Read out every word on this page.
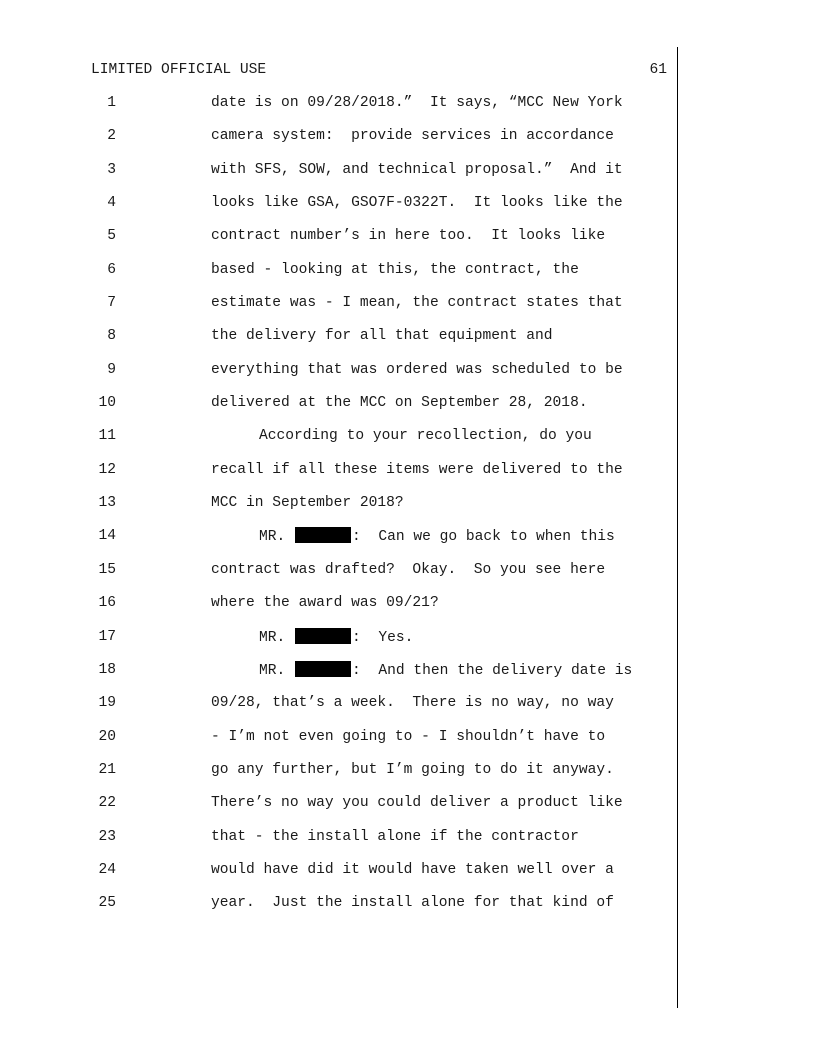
LIMITED OFFICIAL USE	61
1	date is on 09/28/2018.”  It says, “MCC New York
2	camera system:  provide services in accordance
3	with SFS, SOW, and technical proposal.”  And it
4	looks like GSA, GSO7F-0322T.  It looks like the
5	contract number’s in here too.  It looks like
6	based - looking at this, the contract, the
7	estimate was - I mean, the contract states that
8	the delivery for all that equipment and
9	everything that was ordered was scheduled to be
10	delivered at the MCC on September 28, 2018.
11	According to your recollection, do you
12	recall if all these items were delivered to the
13	MCC in September 2018?
14	MR.	:  Can we go back to when this
15	contract was drafted?  Okay.  So you see here
16	where the award was 09/21?
17	MR.	:  Yes.
18	MR.	:  And then the delivery date is
19	09/28, that’s a week.  There is no way, no way
20	- I’m not even going to - I shouldn’t have to
21	go any further, but I’m going to do it anyway.
22	There’s no way you could deliver a product like
23	that - the install alone if the contractor
24	would have did it would have taken well over a
25	year.  Just the install alone for that kind of
